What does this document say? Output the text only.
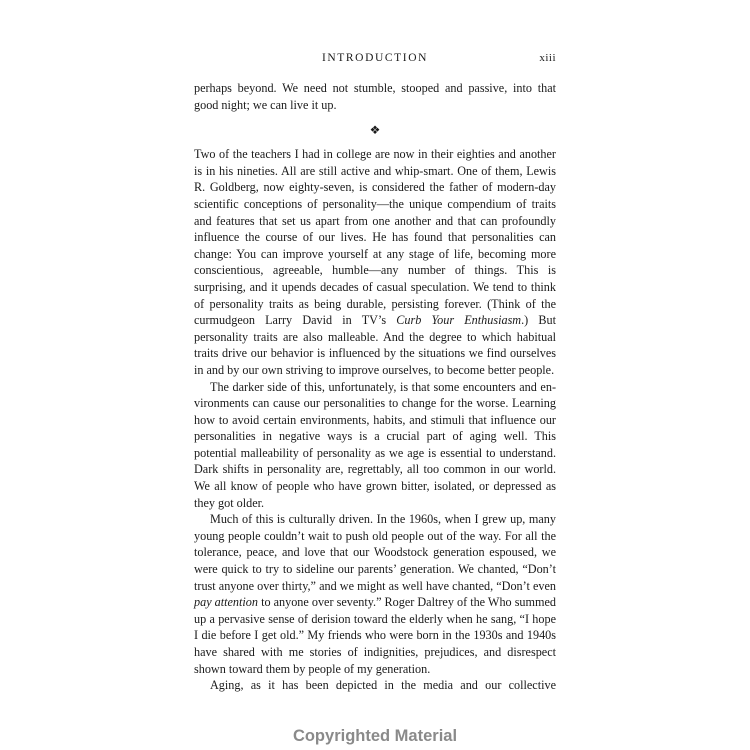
INTRODUCTION	xiii

perhaps beyond. We need not stumble, stooped and passive, into that good night; we can live it up.

❖

Two of the teachers I had in college are now in their eighties and another is in his nineties. All are still active and whip-smart. One of them, Lewis R. Goldberg, now eighty-seven, is considered the father of modern-day scientific conceptions of personality—the unique compendium of traits and features that set us apart from one another and that can profoundly influence the course of our lives. He has found that personalities can change: You can improve yourself at any stage of life, becoming more conscientious, agreeable, humble—any number of things. This is surprising, and it upends decades of casual speculation. We tend to think of personality traits as being durable, persisting forever. (Think of the curmudgeon Larry David in TV’s Curb Your Enthusiasm.) But personality traits are also malleable. And the degree to which habitual traits drive our behavior is influenced by the situations we find ourselves in and by our own striving to improve ourselves, to become better people.

The darker side of this, unfortunately, is that some encounters and environments can cause our personalities to change for the worse. Learning how to avoid certain environments, habits, and stimuli that influence our personalities in negative ways is a crucial part of aging well. This potential malleability of personality as we age is essential to understand. Dark shifts in personality are, regrettably, all too common in our world. We all know of people who have grown bitter, isolated, or depressed as they got older.

Much of this is culturally driven. In the 1960s, when I grew up, many young people couldn’t wait to push old people out of the way. For all the tolerance, peace, and love that our Woodstock generation espoused, we were quick to try to sideline our parents’ generation. We chanted, “Don’t trust anyone over thirty,” and we might as well have chanted, “Don’t even pay attention to anyone over seventy.” Roger Daltrey of the Who summed up a pervasive sense of derision toward the elderly when he sang, “I hope I die before I get old.” My friends who were born in the 1930s and 1940s have shared with me stories of indignities, prejudices, and disrespect shown toward them by people of my generation.

Aging, as it has been depicted in the media and our collective

Copyrighted Material
